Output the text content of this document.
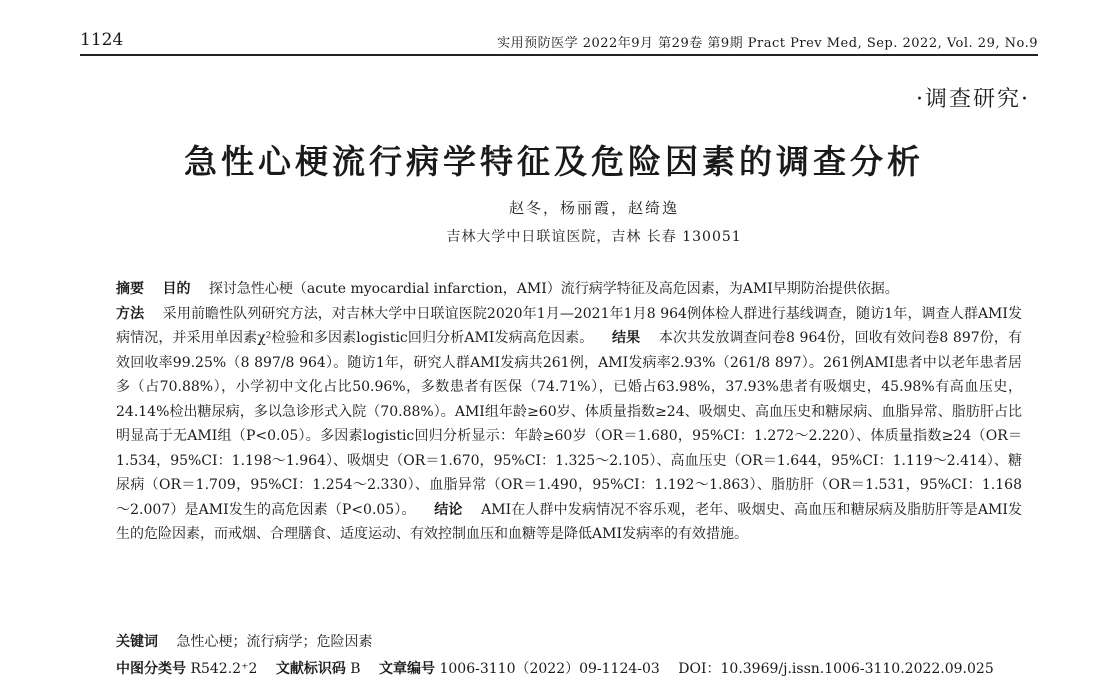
1124	实用预防医学 2022年9月 第29卷 第9期 Pract Prev Med, Sep. 2022, Vol. 29, No.9
·调查研究·
急性心梗流行病学特征及危险因素的调查分析
赵冬，杨丽霞，赵绮逸
吉林大学中日联谊医院，吉林 长春 130051

摘要 目的 探讨急性心梗（acute myocardial infarction，AMI）流行病学特征及高危因素，为AMI早期防治提供依据。

方法 采用前瞻性队列研究方法，对吉林大学中日联谊医院2020年1月—2021年1月8 964例体检人群进行基线调查，随访1年，调查人群AMI发病情况，并采用单因素χ²检验和多因素logistic回归分析AMI发病高危因素。 结果 本次共发放调查问卷8 964份，回收有效问卷8 897份，有效回收率99.25%（8 897/8 964）。随访1年，研究人群AMI发病共261例，AMI发病率2.93%（261/8 897）。261例AMI患者中以老年患者居多（占70.88%），小学初中文化占比50.96%，多数患者有医保（74.71%），已婚占63.98%，37.93%患者有吸烟史，45.98%有高血压史，24.14%检出糖尿病，多以急诊形式入院（70.88%）。AMI组年龄≥60岁、体质量指数≥24、吸烟史、高血压史和糖尿病、血脂异常、脂肪肝占比明显高于无AMI组（P<0.05）。多因素logistic回归分析显示：年龄≥60岁（OR＝1.680，95%CI：1.272～2.220）、体质量指数≥24（OR＝1.534，95%CI：1.198～1.964）、吸烟史（OR＝1.670，95%CI：1.325～2.105）、高血压史（OR＝1.644，95%CI：1.119～2.414）、糖尿病（OR＝1.709，95%CI：1.254～2.330）、血脂异常（OR＝1.490，95%CI：1.192～1.863）、脂肪肝（OR＝1.531，95%CI：1.168～2.007）是AMI发生的高危因素（P<0.05）。 结论 AMI在人群中发病情况不容乐观，老年、吸烟史、高血压和糖尿病及脂肪肝等是AMI发生的危险因素，而戒烟、合理膳食、适度运动、有效控制血压和血糖等是降低AMI发病率的有效措施。

关键词 急性心梗；流行病学；危险因素
中图分类号 R542.2⁺2 文献标识码 B 文章编号 1006-3110（2022）09-1124-03 DOI：10.3969/j.issn.1006-3110.2022.09.025
